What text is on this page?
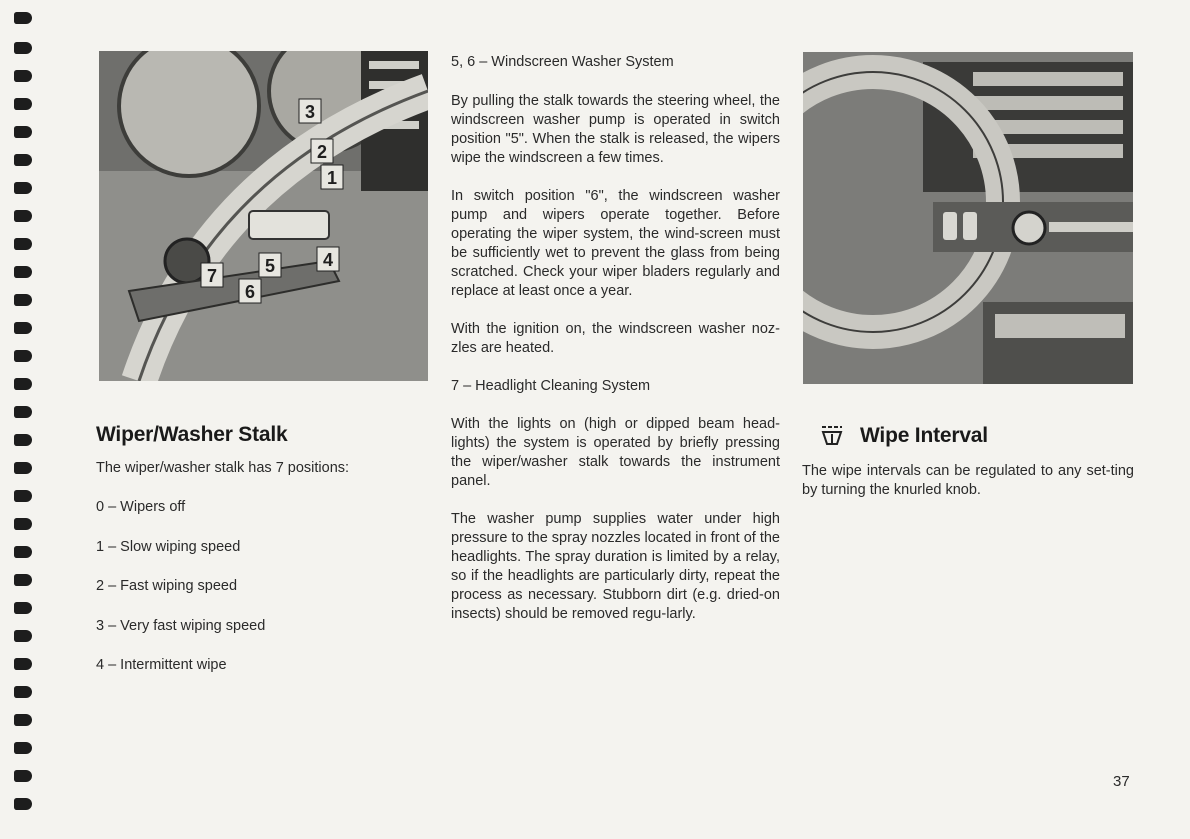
1
2
3
4
5
6
7
Wiper/Washer Stalk
The wiper/washer stalk has 7 positions:
0 – Wipers off
1 – Slow wiping speed
2 – Fast wiping speed
3 – Very fast wiping speed
4 – Intermittent wipe

5, 6 – Windscreen Washer System

By pulling the stalk towards the steering wheel, the windscreen washer pump is operated in switch position "5". When the stalk is released, the wipers wipe the windscreen a few times.

In switch position "6", the windscreen washer pump and wipers operate together. Before operating the wiper system, the wind-screen must be sufficiently wet to prevent the glass from being scratched. Check your wiper bladers regularly and replace at least once a year.

With the ignition on, the windscreen washer noz-zles are heated.

7 – Headlight Cleaning System

With the lights on (high or dipped beam head-lights) the system is operated by briefly pressing the wiper/washer stalk towards the instrument panel.

The washer pump supplies water under high pressure to the spray nozzles located in front of the headlights. The spray duration is limited by a relay, so if the headlights are particularly dirty, repeat the process as necessary. Stubborn dirt (e.g. dried-on insects) should be removed regu-larly.

Wipe Interval

The wipe intervals can be regulated to any set-ting by turning the knurled knob.

37
